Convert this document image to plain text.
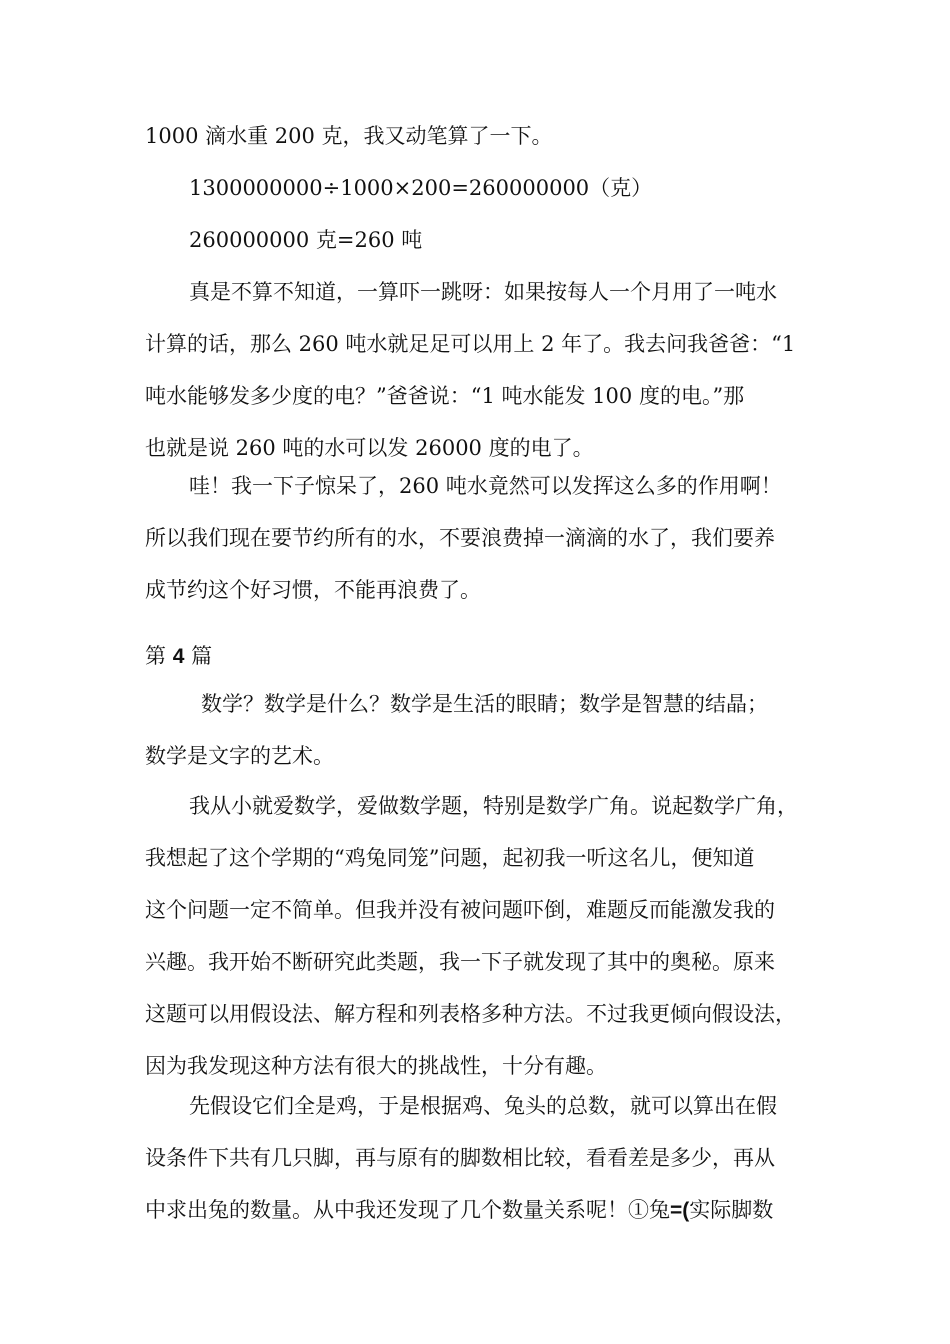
1000 滴水重 200 克，我又动笔算了一下。
1300000000÷1000×200=260000000（克）
260000000 克=260 吨
真是不算不知道，一算吓一跳呀：如果按每人一个月用了一吨水
计算的话，那么 260 吨水就足足可以用上 2 年了。我去问我爸爸：“1
吨水能够发多少度的电？”爸爸说：“1 吨水能发 100 度的电。”那
也就是说 260 吨的水可以发 26000 度的电了。
哇！我一下子惊呆了，260 吨水竟然可以发挥这么多的作用啊！
所以我们现在要节约所有的水，不要浪费掉一滴滴的水了，我们要养
成节约这个好习惯，不能再浪费了。
第 4 篇
数学？数学是什么？数学是生活的眼睛；数学是智慧的结晶；
数学是文字的艺术。
我从小就爱数学，爱做数学题，特别是数学广角。说起数学广角，
我想起了这个学期的“鸡兔同笼”问题，起初我一听这名儿，便知道
这个问题一定不简单。但我并没有被问题吓倒，难题反而能激发我的
兴趣。我开始不断研究此类题，我一下子就发现了其中的奥秘。原来
这题可以用假设法、解方程和列表格多种方法。不过我更倾向假设法，
因为我发现这种方法有很大的挑战性，十分有趣。
先假设它们全是鸡，于是根据鸡、兔头的总数，就可以算出在假
设条件下共有几只脚，再与原有的脚数相比较，看看差是多少，再从
中求出兔的数量。从中我还发现了几个数量关系呢！①兔=(实际脚数
